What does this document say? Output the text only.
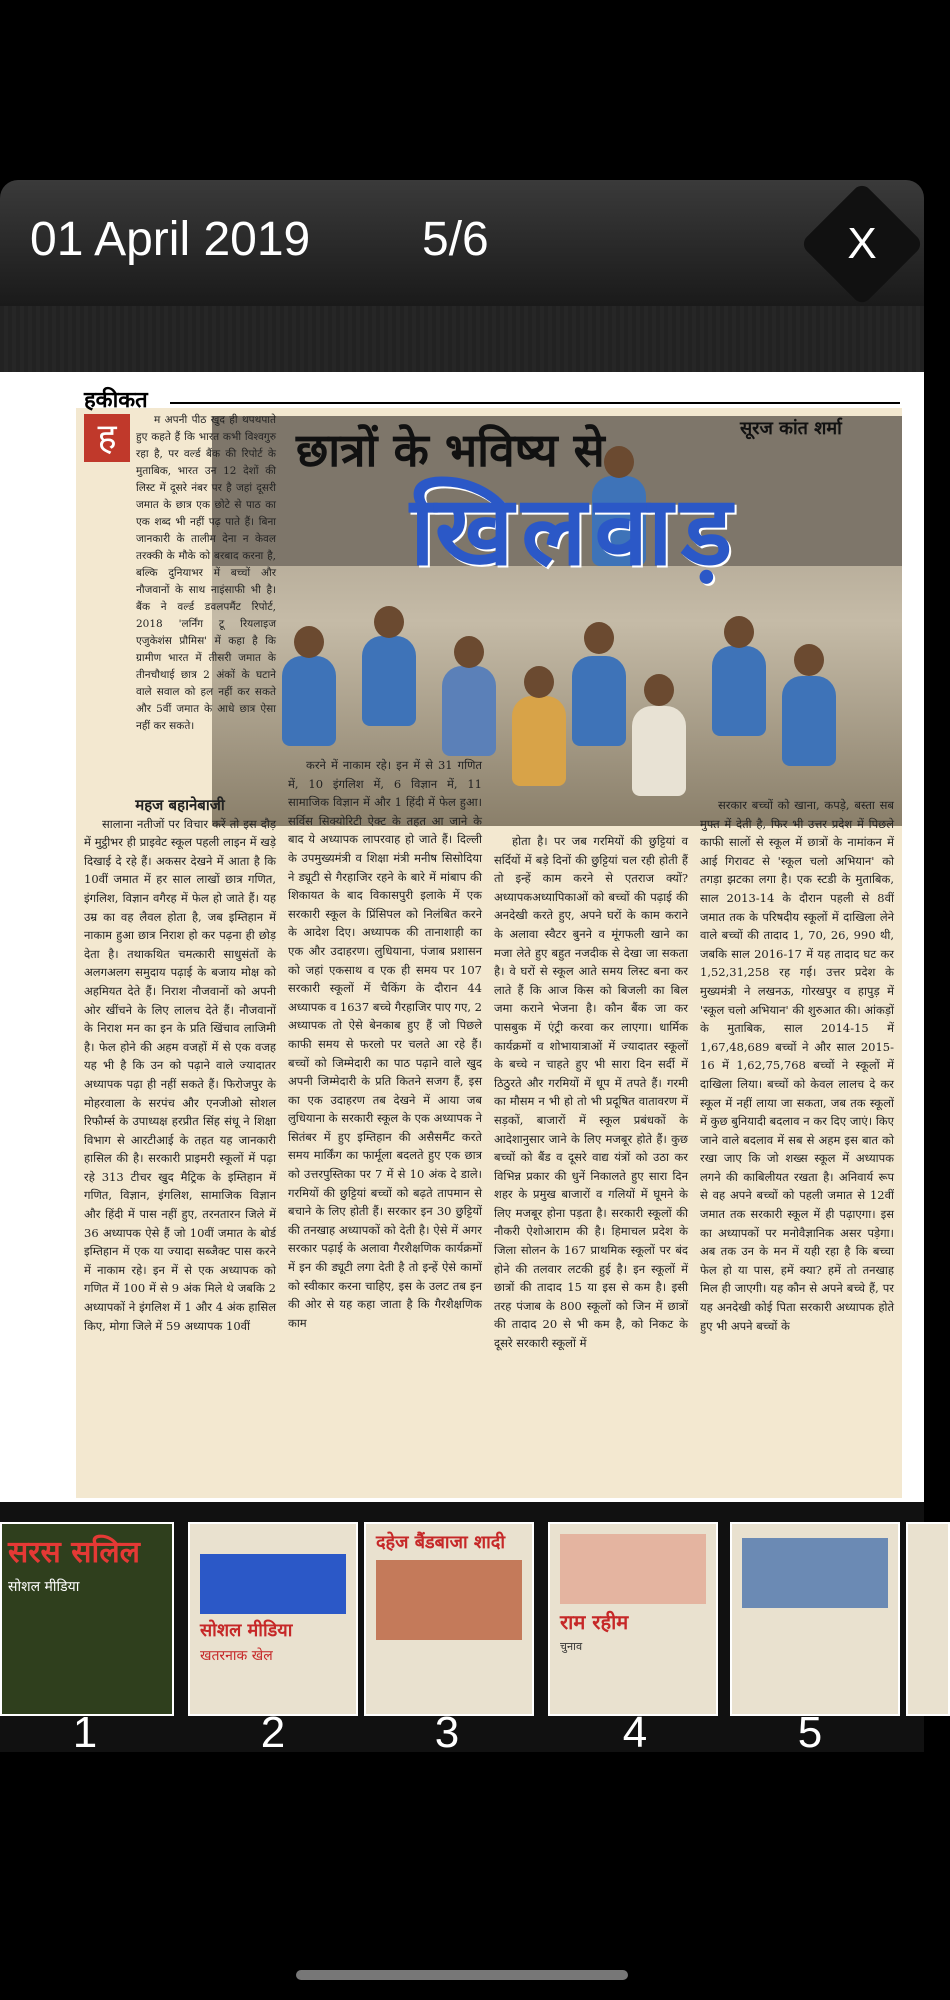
01 April 2019 5/6	X
हकीकत
छात्रों के भविष्य से
खिलवाड़
सूरज कांत शर्मा
ह	म अपनी पीठ खुद ही थपथपाते हुए कहते हैं कि भारत कभी विश्वगुरु रहा है, पर वर्ल्ड बैंक की रिपोर्ट के मुताबिक, भारत उन 12 देशों की लिस्ट में दूसरे नंबर पर है जहां दूसरी जमात के छात्र एक छोटे से पाठ का एक शब्द भी नहीं पढ़ पाते हैं। बिना जानकारी के तालीम देना न केवल तरक्की के मौके को बरबाद करना है, बल्कि दुनियाभर में बच्चों और नौजवानों के साथ नाइंसाफी भी है। बैंक ने वर्ल्ड डवलपमैंट रिपोर्ट, 2018 'लर्निंग टू रियलाइज एजुकेशंस प्रौमिस' में कहा है कि ग्रामीण भारत में तीसरी जमात के तीनचौथाई छात्र 2 अंकों के घटाने वाले सवाल को हल नहीं कर सकते और 5वीं जमात के आधे छात्र ऐसा नहीं कर सकते।

महज बहानेबाजी

सालाना नतीजों पर विचार करें तो इस दौड़ में मुट्ठीभर ही प्राइवेट स्कूल पहली लाइन में खड़े दिखाई दे रहे हैं। अकसर देखने में आता है कि 10वीं जमात में हर साल लाखों छात्र गणित, इंगलिश, विज्ञान वगैरह में फेल हो जाते हैं। यह उम्र का वह लैवल होता है, जब इम्तिहान में नाकाम हुआ छात्र निराश हो कर पढ़ना ही छोड़ देता है। तथाकथित चमत्कारी साधुसंतों के अलगअलग समुदाय पढ़ाई के बजाय मोक्ष को अहमियत देते हैं। निराश नौजवानों को अपनी ओर खींचने के लिए लालच देते हैं। नौजवानों के निराश मन का इन के प्रति खिंचाव लाजिमी है। फेल होने की अहम वजहों में से एक वजह यह भी है कि उन को पढ़ाने वाले ज्यादातर अध्यापक पढ़ा ही नहीं सकते हैं। फिरोजपुर के मोहरवाला के सरपंच और एनजीओ सोशल रिफौर्म्स के उपाध्यक्ष हरप्रीत सिंह संधू ने शिक्षा विभाग से आरटीआई के तहत यह जानकारी हासिल की है। सरकारी प्राइमरी स्कूलों में पढ़ा रहे 313 टीचर खुद मैट्रिक के इम्तिहान में गणित, विज्ञान, इंगलिश, सामाजिक विज्ञान और हिंदी में पास नहीं हुए, तरनतारन जिले में 36 अध्यापक ऐसे हैं जो 10वीं जमात के बोर्ड इम्तिहान में एक या ज्यादा सब्जैक्ट पास करने में नाकाम रहे। इन में से एक अध्यापक को गणित में 100 में से 9 अंक मिले थे जबकि 2 अध्यापकों ने इंगलिश में 1 और 4 अंक हासिल किए, मोगा जिले में 59 अध्यापक 10वीं

करने में नाकाम रहे। इन में से 31 गणित में, 10 इंगलिश में, 6 विज्ञान में, 11 सामाजिक विज्ञान में और 1 हिंदी में फेल हुआ। सर्विस सिक्योरिटी ऐक्ट के तहत आ जाने के बाद ये अध्यापक लापरवाह हो जाते हैं। दिल्ली के उपमुख्यमंत्री व शिक्षा मंत्री मनीष सिसोदिया ने ड्यूटी से गैरहाजिर रहने के बारे में मांबाप की शिकायत के बाद विकासपुरी इलाके में एक सरकारी स्कूल के प्रिंसिपल को निलंबित करने के आदेश दिए। अध्यापक की तानाशाही का एक और उदाहरण। लुधियाना, पंजाब प्रशासन को जहां एकसाथ व एक ही समय पर 107 सरकारी स्कूलों में चैकिंग के दौरान 44 अध्यापक व 1637 बच्चे गैरहाजिर पाए गए, 2 अध्यापक तो ऐसे बेनकाब हुए हैं जो पिछले काफी समय से फरलो पर चलते आ रहे हैं। बच्चों को जिम्मेदारी का पाठ पढ़ाने वाले खुद अपनी जिम्मेदारी के प्रति कितने सजग हैं, इस का एक उदाहरण तब देखने में आया जब लुधियाना के सरकारी स्कूल के एक अध्यापक ने सितंबर में हुए इम्तिहान की असैसमैंट करते समय मार्किंग का फार्मूला बदलते हुए एक छात्र को उत्तरपुस्तिका पर 7 में से 10 अंक दे डाले। गरमियों की छुट्टियां बच्चों को बढ़ते तापमान से बचाने के लिए होती हैं। सरकार इन 30 छुट्टियों की तनखाह अध्यापकों को देती है। ऐसे में अगर सरकार पढ़ाई के अलावा गैरशैक्षणिक कार्यक्रमों में इन की ड्यूटी लगा देती है तो इन्हें ऐसे कामों को स्वीकार करना चाहिए, इस के उलट तब इन की ओर से यह कहा जाता है कि गैरशैक्षणिक काम

होता है। पर जब गरमियों की छुट्टियां व सर्दियों में बड़े दिनों की छुट्टियां चल रही होती हैं तो इन्हें काम करने से एतराज क्यों? अध्यापकअध्यापिकाओं को बच्चों की पढ़ाई की अनदेखी करते हुए, अपने घरों के काम कराने के अलावा स्वैटर बुनने व मूंगफली खाने का मजा लेते हुए बहुत नजदीक से देखा जा सकता है। वे घरों से स्कूल आते समय लिस्ट बना कर लाते हैं कि आज किस को बिजली का बिल जमा कराने भेजना है। कौन बैंक जा कर पासबुक में एंट्री करवा कर लाएगा। धार्मिक कार्यक्रमों व शोभायात्राओं में ज्यादातर स्कूलों के बच्चे न चाहते हुए भी सारा दिन सर्दी में ठिठुरते और गरमियों में धूप में तपते हैं। गरमी का मौसम न भी हो तो भी प्रदूषित वातावरण में सड़कों, बाजारों में स्कूल प्रबंधकों के आदेशानुसार जाने के लिए मजबूर होते हैं। कुछ बच्चों को बैंड व दूसरे वाद्य यंत्रों को उठा कर विभिन्न प्रकार की धुनें निकालते हुए सारा दिन शहर के प्रमुख बाजारों व गलियों में घूमने के लिए मजबूर होना पड़ता है। सरकारी स्कूलों की नौकरी ऐशोआराम की है। हिमाचल प्रदेश के जिला सोलन के 167 प्राथमिक स्कूलों पर बंद होने की तलवार लटकी हुई है। इन स्कूलों में छात्रों की तादाद 15 या इस से कम है। इसी तरह पंजाब के 800 स्कूलों को जिन में छात्रों की तादाद 20 से भी कम है, को निकट के दूसरे सरकारी स्कूलों में

सरकार बच्चों को खाना, कपड़े, बस्ता सब मुफ्त में देती है, फिर भी उत्तर प्रदेश में पिछले काफी सालों से स्कूल में छात्रों के नामांकन में आई गिरावट से 'स्कूल चलो अभियान' को तगड़ा झटका लगा है। एक स्टडी के मुताबिक, साल 2013-14 के दौरान पहली से 8वीं जमात तक के परिषदीय स्कूलों में दाखिला लेने वाले बच्चों की तादाद 1, 70, 26, 990 थी, जबकि साल 2016-17 में यह तादाद घट कर 1,52,31,258 रह गई। उत्तर प्रदेश के मुख्यमंत्री ने लखनऊ, गोरखपुर व हापुड़ में 'स्कूल चलो अभियान' की शुरुआत की। आंकड़ों के मुताबिक, साल 2014-15 में 1,67,48,689 बच्चों ने और साल 2015-16 में 1,62,75,768 बच्चों ने स्कूलों में दाखिला लिया। बच्चों को केवल लालच दे कर स्कूल में नहीं लाया जा सकता, जब तक स्कूलों में कुछ बुनियादी बदलाव न कर दिए जाएं। किए जाने वाले बदलाव में सब से अहम इस बात को रखा जाए कि जो शख्स स्कूल में अध्यापक लगने की काबिलीयत रखता है। अनिवार्य रूप से वह अपने बच्चों को पहली जमात से 12वीं जमात तक सरकारी स्कूल में ही पढ़ाएगा। इस का अध्यापकों पर मनोवैज्ञानिक असर पड़ेगा। अब तक उन के मन में यही रहा है कि बच्चा फेल हो या पास, हमें क्या? हमें तो तनखाह मिल ही जाएगी। यह कौन से अपने बच्चे हैं, पर यह अनदेखी कोई पिता सरकारी अध्यापक होते हुए भी अपने बच्चों के

सरस सलिल
सोशल मीडिया
सोशल मीडिया
खतरनाक खेल
दहेज बैंडबाजा शादी
राम रहीम
चुनाव
1	2	3	4	5
